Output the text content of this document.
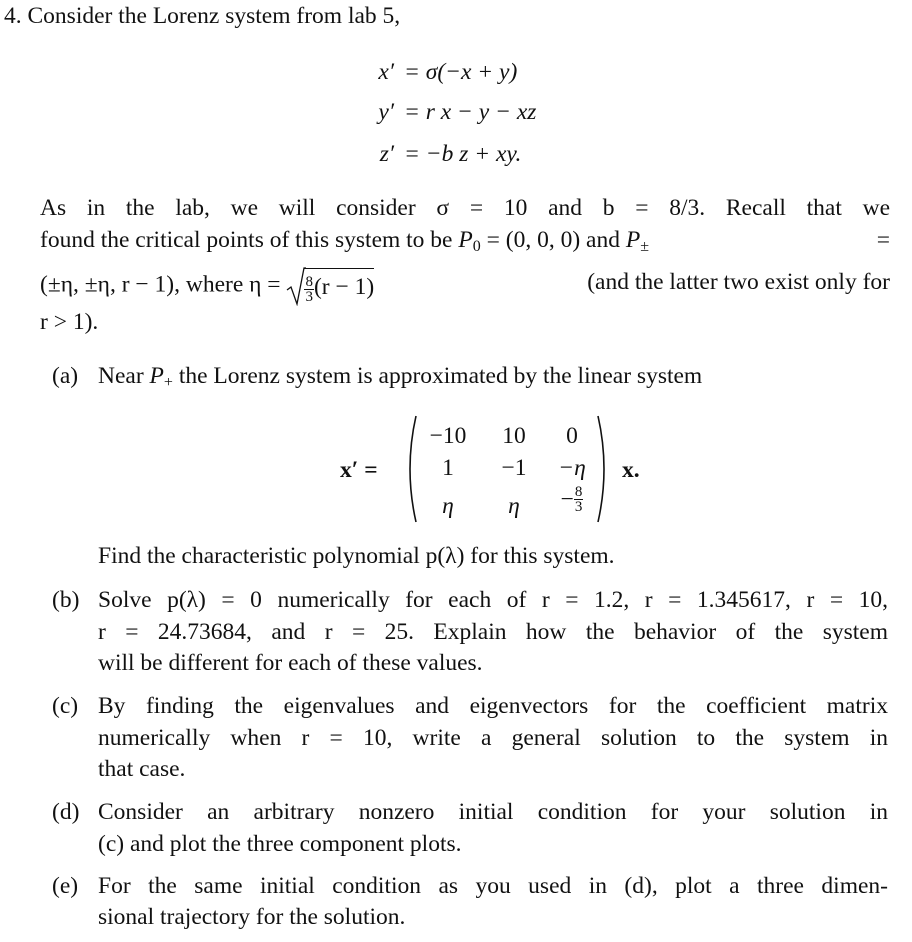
4. Consider the Lorenz system from lab 5,
x′ = σ(−x + y)
y′ = r x − y − xz
z′ = −b z + xy.
As in the lab, we will consider σ = 10 and b = 8/3. Recall that we
found the critical points of this system to be $P_0 = (0$, 0, 0) and $P_\pm$	=
(±η, ±η, r − 1), where $\eta = \frac{8}{3} (r - 1)$	(and the latter two exist only for
r > 1).
(a) Near $P_+$ the Lorenz system is approximated by the linear system
x′ =
−10	10	0
1	−1	−η
η	η	− $\frac{8}{3}$
x.
Find the characteristic polynomial p(λ) for this system.
(b) Solve p(λ) = 0 numerically for each of r = 1.2, r = 1.345617, r = 10,
r = 24.73684, and r = 25. Explain how the behavior of the system
will be different for each of these values.
(c) By finding the eigenvalues and eigenvectors for the coefficient matrix
numerically when r = 10, write a general solution to the system in
that case.
(d) Consider an arbitrary nonzero initial condition for your solution in
(c) and plot the three component plots.
(e) For the same initial condition as you used in (d), plot a three dimen-
sional trajectory for the solution.
